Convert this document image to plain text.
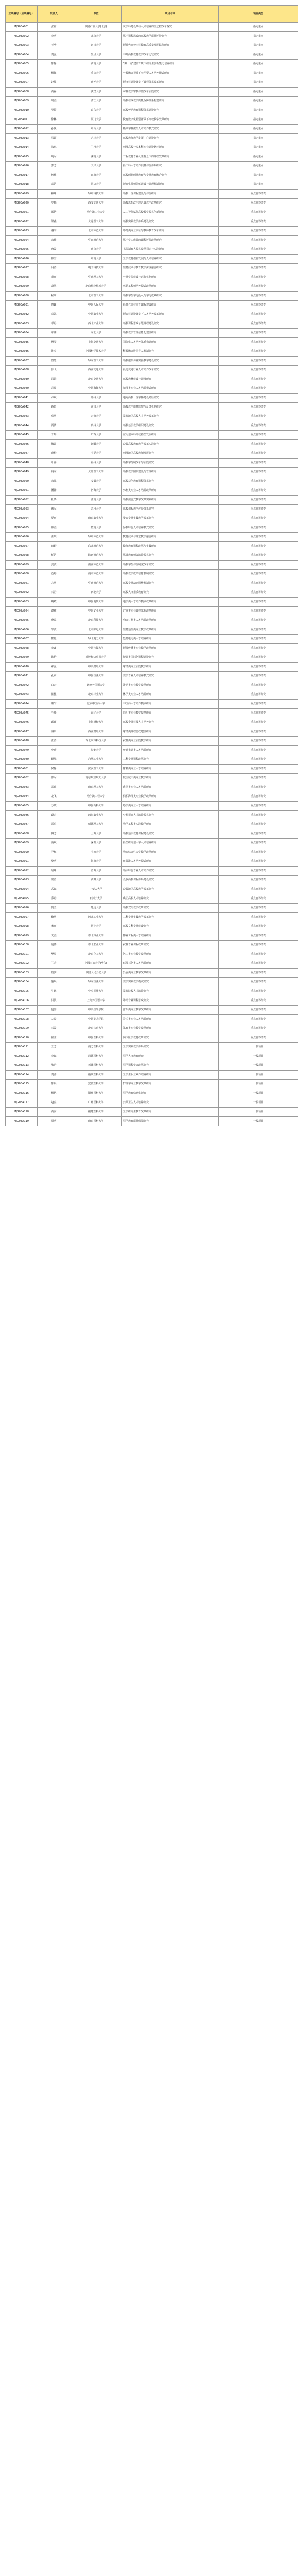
立项编号（主项编号）	负责人	单位	项目名称	项目类型
MJG03A001	张丽	中国石油大学(北京)	以学科建设带动人才培养的全过程改革探究	指定重点
MJG03A002	李明	北京大学	基于课程思政的高校教学质量评价研究	指定重点
MJG03A003	王华	四川大学	新时代高校本科教育高质量发展路径研究	指定重点
MJG03A004	刘强	复旦大学	中外高校教育教学改革比较研究	指定重点
MJG03A005	陈静	西南大学	“双一流”建设背景下研究生创新能力培养研究	指定重点
MJG03A006	杨洋	重庆大学	产教融合视域下应用型人才培养模式研究	指定重点
MJG03A007	赵敏	南开大学	新文科建设背景下课程体系改革研究	指定重点
MJG03A008	黄磊	武汉大学	本科教学审核评估改革实践研究	指定重点
MJG03A009	周杰	浙江大学	高校在线教学质量保障体系构建研究	指定重点
MJG03A010	吴婷	山东大学	高校劳动教育课程体系建设研究	指定重点
MJG03A011	徐鹏	厦门大学	教育数字化转型背景下高校教学改革研究	指定重点
MJG03A012	孙悦	中山大学	基础学科拔尖人才培养模式研究	指定重点
MJG03A013	马超	吉林大学	高校教师教学发展中心建设研究	指定重点
MJG03A014	朱琳	兰州大学	西部高校一流本科专业建设路径研究	指定重点
MJG03A015	胡军	湖南大学	工程教育专业认证背景下的课程改革研究	指定重点
MJG03A016	郭芳	天津大学	新工科人才培养质量评价体系研究	指定重点
MJG03A017	何伟	东南大学	高校创新创业教育与专业教育融合研究	指定重点
MJG03A018	高洁	同济大学	研究生导师队伍建设与管理机制研究	指定重点
MJG03A019	林峰	华中科技大学	高校一流课程建设与评价研究	重点自筹经费
MJG03A020	罗娜	西安交通大学	高校思想政治理论课教学改革研究	重点自筹经费
MJG03A021	郑浩	哈尔滨工业大学	人工智能赋能高校教学模式创新研究	重点自筹经费
MJG03A022	梁燕	大连理工大学	高校实践教学体系建设研究	重点自筹经费
MJG03A023	谢宇	北京师范大学	师范类专业认证与教师教育改革研究	重点自筹经费
MJG03A024	宋佳	华东师范大学	基于学习成果的课程评价改革研究	重点自筹经费
MJG03A025	唐磊	南京大学	书院制育人模式改革探索与实践研究	重点自筹经费
MJG03A026	韩雪	中南大学	医学教育创新发展与人才培养研究	重点自筹经费
MJG03A027	冯涛	电子科技大学	信息技术与教育教学深度融合研究	重点自筹经费
MJG03A028	董丽	华南理工大学	产业学院建设与运行机制研究	重点自筹经费
MJG03A029	萧然	北京航空航天大学	卓越工程师培养模式改革研究	重点自筹经费
MJG03A030	程明	北京理工大学	高校学生学习投入与学习成效研究	重点自筹经费
MJG03A031	曹颖	中国人民大学	新时代高校美育课程建设研究	重点自筹经费
MJG03A032	袁凯	中国农业大学	新农科建设背景下人才培养改革研究	重点自筹经费
MJG03A033	邓丹	西北工业大学	高校课程思政示范课程建设研究	重点自筹经费
MJG03A034	许刚	东北大学	高校教学管理信息化建设研究	重点自筹经费
MJG03A035	傅琴	上海交通大学	国际化人才培养体系构建研究	重点自筹经费
MJG03A036	沈亮	中国科学技术大学	科教融合协同育人机制研究	重点自筹经费
MJG03A037	曾慧	华东理工大学	高校虚拟仿真实验教学建设研究	重点自筹经费
MJG03A038	彭飞	西南交通大学	轨道交通行业人才培养改革研究	重点自筹经费
MJG03A039	吕娟	北京交通大学	高校教材建设与管理研究	重点自筹经费
MJG03A040	苏晨	中国海洋大学	海洋类专业人才培养模式研究	重点自筹经费
MJG03A041	卢斌	郑州大学	地方高校一流学科建设路径研究	重点自筹经费
MJG03A042	蒋玲	南昌大学	高校教学质量监控与反馈机制研究	重点自筹经费
MJG03A043	蔡勇	云南大学	民族地区高校人才培养改革研究	重点自筹经费
MJG03A044	贾倩	贵州大学	高校基层教学组织建设研究	重点自筹经费
MJG03A045	丁辉	广西大学	应用型本科高校转型发展研究	重点自筹经费
MJG03A046	魏霞	新疆大学	边疆高校教育教学改革实践研究	重点自筹经费
MJG03A047	薛松	宁夏大学	西部地区高校教师发展研究	重点自筹经费
MJG03A048	叶萍	福州大学	高校学分制改革与实践研究	重点自筹经费
MJG03A049	阎东	太原理工大学	高校教学团队建设与管理研究	重点自筹经费
MJG03A050	余凤	安徽大学	高校双创教育课程体系研究	重点自筹经费
MJG03A051	潘锋	河海大学	水利类专业人才培养改革研究	重点自筹经费
MJG03A052	杜鹃	江南大学	高校混合式教学改革实践研究	重点自筹经费
MJG03A053	戴军	苏州大学	高校课程教学评价体系研究	重点自筹经费
MJG03A054	夏雨	南京农业大学	涉农专业实践教学改革研究	重点自筹经费
MJG03A055	钟杰	暨南大学	侨校特色人才培养模式研究	重点自筹经费
MJG03A056	汪琪	华中师范大学	教育技术与课堂教学融合研究	重点自筹经费
MJG03A057	田野	东北师范大学	教师教育课程改革与实践研究	重点自筹经费
MJG03A058	任洁	陕西师范大学	基础教育师资培养模式研究	重点自筹经费
MJG03A059	姜波	湖南师范大学	高校学生评价制度改革研究	重点自筹经费
MJG03A060	范婷	南京师范大学	高校教学成果培育机制研究	重点自筹经费
MJG03A061	方勇	华南师范大学	高校专业动态调整机制研究	重点自筹经费
MJG03A062	石岩	西北大学	高校人文素质教育研究	重点自筹经费
MJG03A063	姚敏	中国地质大学	地学类人才培养模式改革研究	重点自筹经费
MJG03A064	谭伟	中国矿业大学	矿业类专业课程体系改革研究	重点自筹经费
MJG03A065	廖晶	北京科技大学	冶金材料类人才培养改革研究	重点自筹经费
MJG03A066	邹波	北京邮电大学	信息通信类专业教学改革研究	重点自筹经费
MJG03A067	熊艳	华北电力大学	能源电力类人才培养研究	重点自筹经费
MJG03A068	金鑫	中国传媒大学	新闻传播类专业教学改革研究	重点自筹经费
MJG03A069	陆怡	对外经济贸易大学	经管类国际化课程建设研究	重点自筹经费
MJG03A070	郝强	中央财经大学	财经类专业实践教学研究	重点自筹经费
MJG03A071	孔莉	中国政法大学	法学专业人才培养模式研究	重点自筹经费
MJG03A072	白云	北京外国语大学	外语类专业教学改革研究	重点自筹经费
MJG03A073	崔健	北京林业大学	林学类专业人才培养研究	重点自筹经费
MJG03A074	康宁	北京中医药大学	中医药人才培养模式研究	重点自筹经费
MJG03A075	毛峰	东华大学	纺织类专业教学改革研究	重点自筹经费
MJG03A076	邱瑾	上海财经大学	高校金融科技人才培养研究	重点自筹经费
MJG03A077	秦川	西南财经大学	财经类课程思政建设研究	重点自筹经费
MJG03A078	江涛	西北农林科技大学	农林类专业实践教学研究	重点自筹经费
MJG03A079	史蕾	长安大学	交通土建类人才培养研究	重点自筹经费
MJG03A080	顾城	合肥工业大学	工科专业课程改革研究	重点自筹经费
MJG03A081	侯静	武汉理工大学	材料类专业人才培养研究	重点自筹经费
MJG03A082	邵军	南京航空航天大学	航空航天类专业教学研究	重点自筹经费
MJG03A083	孟瑶	南京理工大学	兵器类专业人才培养研究	重点自筹经费
MJG03A084	龙飞	哈尔滨工程大学	船舶海洋类专业教学改革研究	重点自筹经费
MJG03A085	万欣	中国药科大学	药学类专业人才培养研究	重点自筹经费
MJG03A086	段宏	四川农业大学	乡村振兴人才培养模式研究	重点自筹经费
MJG03A087	雷鸣	成都理工大学	地学工程类实践教学研究	重点自筹经费
MJG03A088	钱芳	上海大学	高校通识教育课程建设研究	重点自筹经费
MJG03A089	汤斌	深圳大学	新型研究型大学人才培养研究	重点自筹经费
MJG03A090	尹红	宁波大学	地方综合性大学教学改革研究	重点自筹经费
MJG03A091	黎明	海南大学	自贸港人才培养模式研究	重点自筹经费
MJG03A092	易峰	青海大学	高原特色专业人才培养研究	重点自筹经费
MJG03A093	常青	西藏大学	民族高校课程体系建设研究	重点自筹经费
MJG03A094	武斌	内蒙古大学	边疆地区高校教学改革研究	重点自筹经费
MJG03A095	乔丹	石河子大学	兵团高校人才培养研究	重点自筹经费
MJG03A096	贺兰	延边大学	高校双语教学改革研究	重点自筹经费
MJG03A097	赖勇	河北工业大学	工科专业实践教学改革研究	重点自筹经费
MJG03A098	龚丽	辽宁大学	高校文科专业建设研究	重点自筹经费
MJG03A099	文杰	东北林业大学	林业工程类人才培养研究	重点自筹经费
MJG03A100	庞博	东北农业大学	农科专业课程改革研究	重点自筹经费
MJG03A101	樊星	北京化工大学	化工类专业教学改革研究	重点自筹经费
MJG03A102	兰芳	中国石油大学(华东)	石油石化类人才培养研究	重点自筹经费
MJG03A103	殷实	中国人民公安大学	公安类专业教学改革研究	重点自筹经费
MJG03A104	施展	华东政法大学	法学实践教学模式研究	重点自筹经费
MJG03A105	牛犇	中央民族大学	民族院校人才培养研究	重点自筹经费
MJG03A106	洪波	上海外国语大学	外语专业课程思政研究	重点自筹经费
MJG03A107	包容	中央音乐学院	音乐类专业教学改革研究	重点自筹经费
MJG03A108	左岸	中国美术学院	美术类专业人才培养研究	重点自筹经费
MJG03A109	石磊	北京体育大学	体育类专业教学改革研究	重点自筹经费
MJG03A110	崔莹	中国医科大学	临床医学教育改革研究	重点自筹经费
MJG03A111	王芳	南方医科大学	医学实践教学体系研究	一般项目
MJG03A112	李斌	首都医科大学	医学人文教育研究	一般项目
MJG03A113	张丹	天津医科大学	医学课程整合改革研究	一般项目
MJG03A114	刘洋	重庆医科大学	医学生职业素养培养研究	一般项目
MJG03A115	陈晨	安徽医科大学	护理学专业教学改革研究	一般项目
MJG03A116	杨帆	温州医科大学	医学教育信息化研究	一般项目
MJG03A117	赵亮	广州医科大学	公共卫生人才培养研究	一般项目
MJG03A118	黄河	福建医科大学	医学研究生教育改革研究	一般项目
MJG03A119	周明	南京医科大学	医学教育质量保障研究	一般项目
